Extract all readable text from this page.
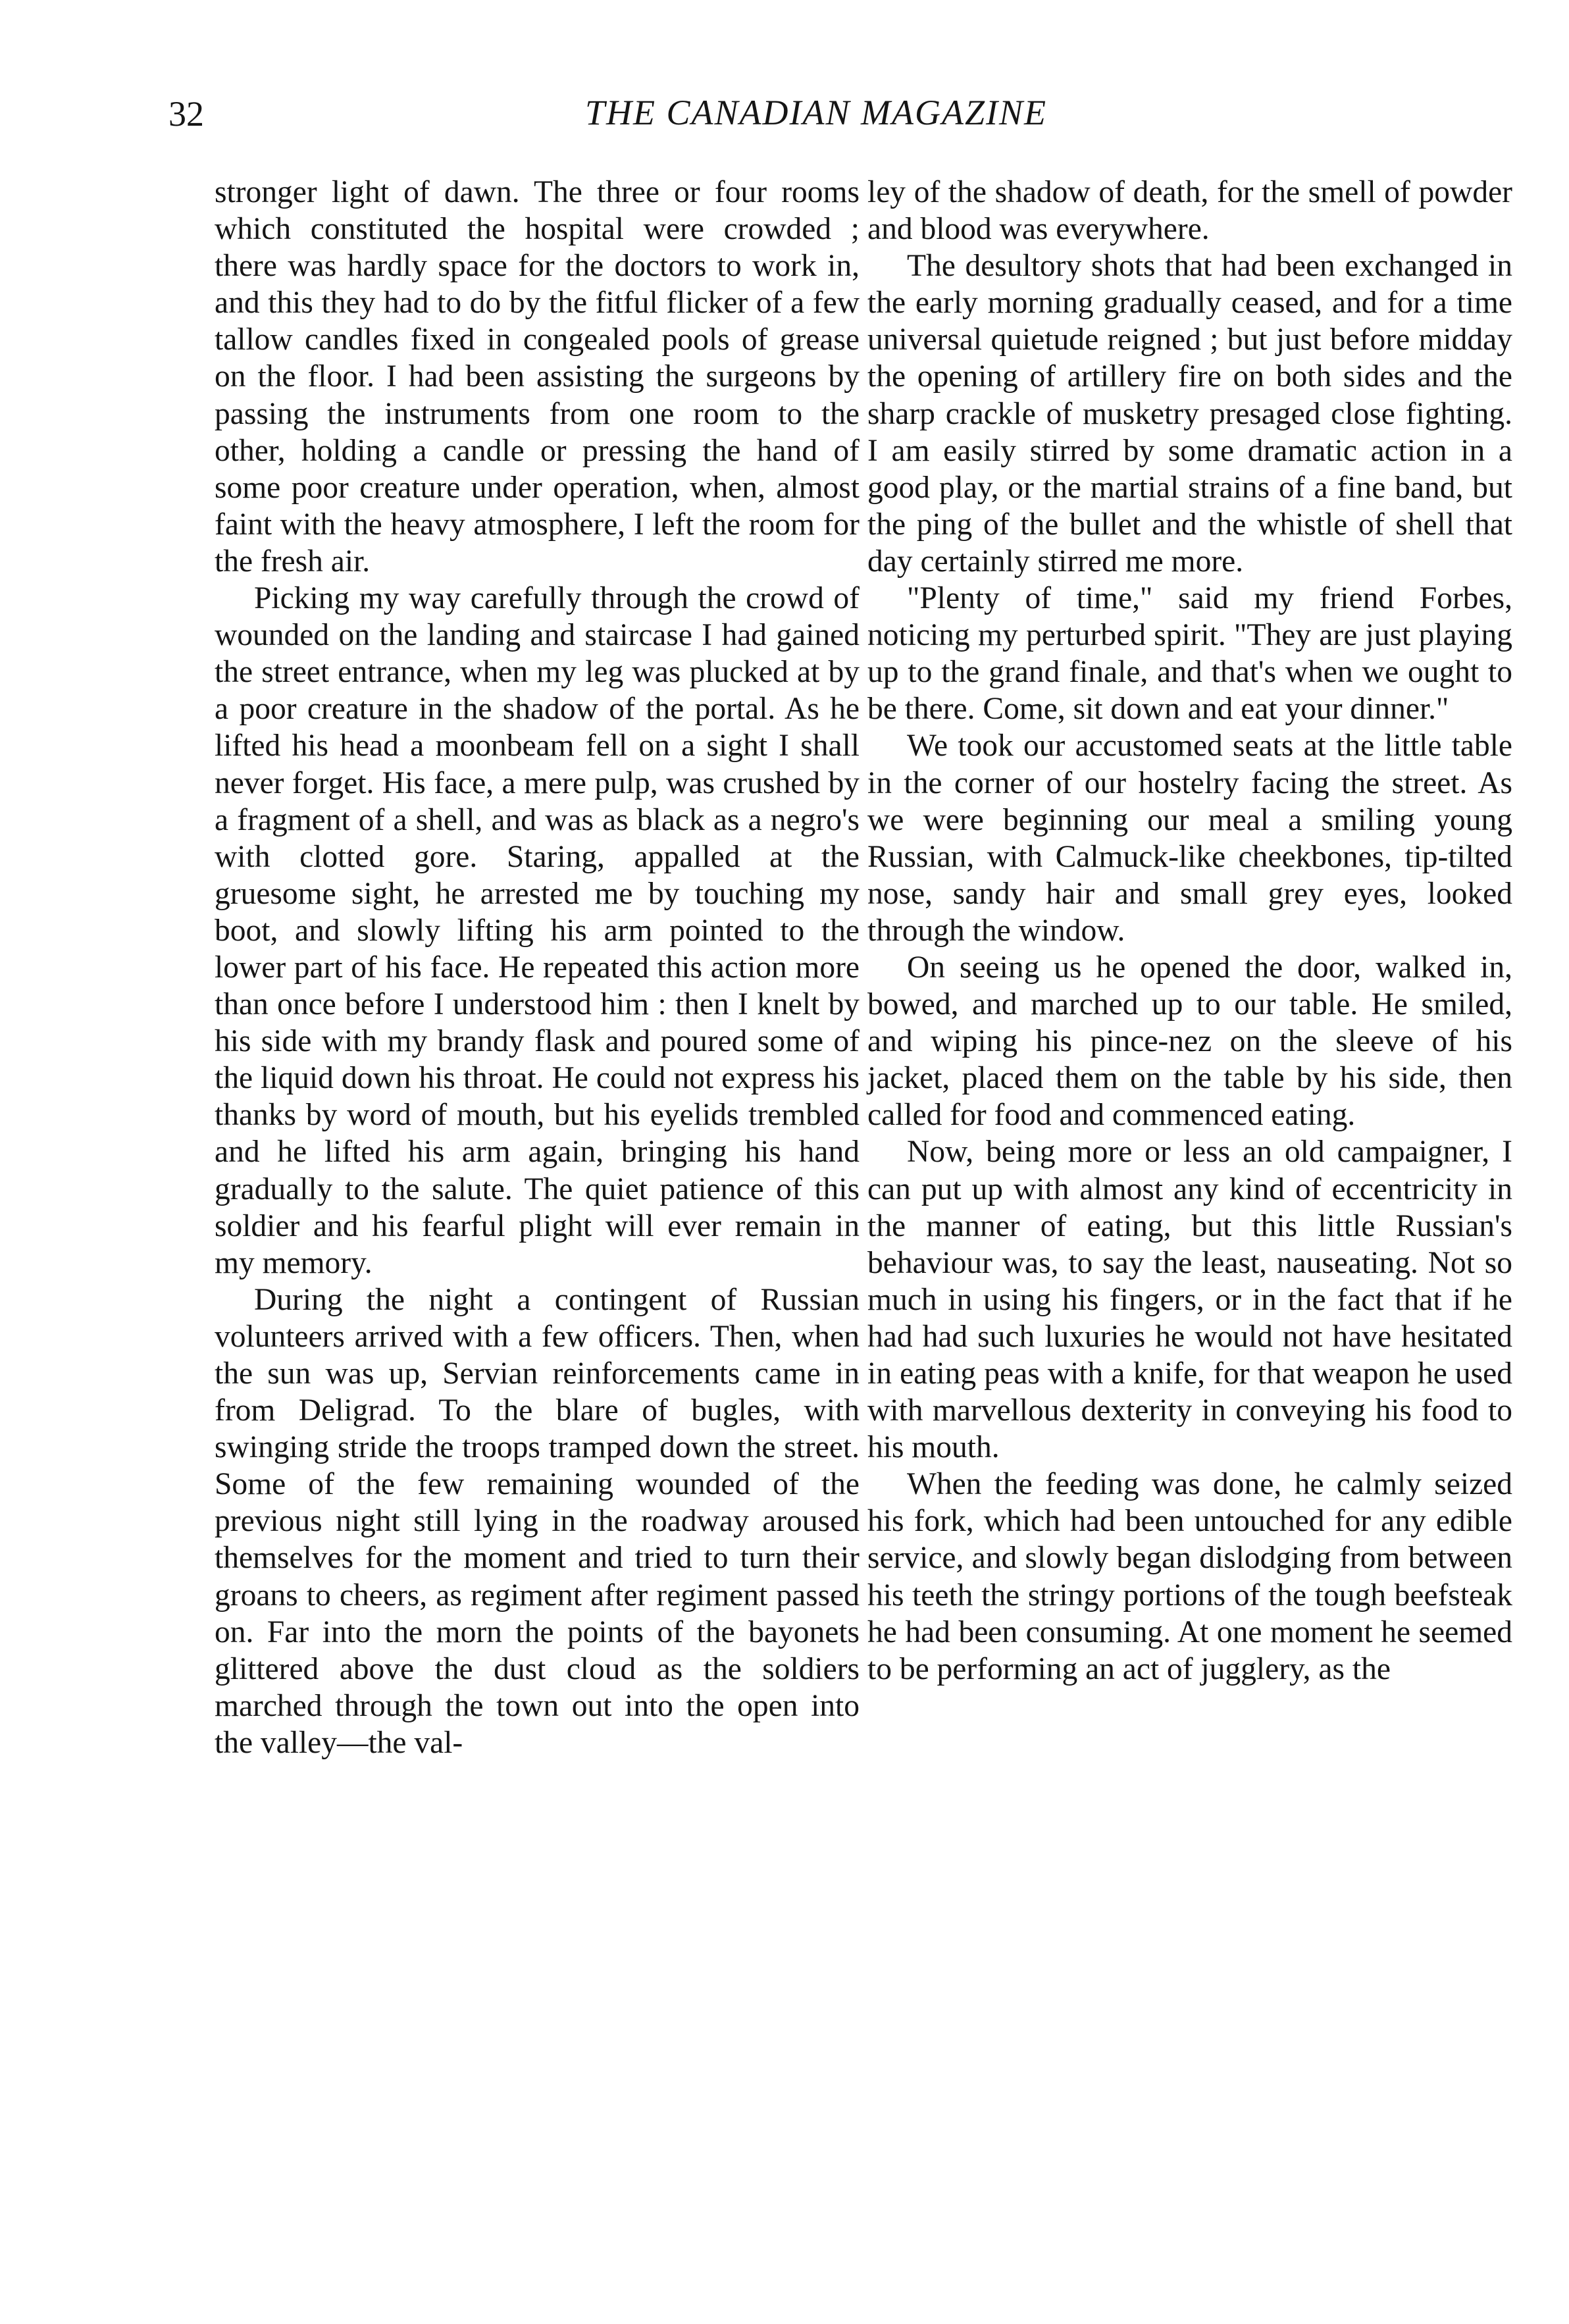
32	THE CANADIAN MAGAZINE

stronger light of dawn. The three or four rooms which constituted the hospital were crowded ; there was hardly space for the doctors to work in, and this they had to do by the fitful flicker of a few tallow candles fixed in congealed pools of grease on the floor. I had been assisting the surgeons by passing the instruments from one room to the other, holding a candle or pressing the hand of some poor creature under operation, when, almost faint with the heavy atmosphere, I left the room for the fresh air.

Picking my way carefully through the crowd of wounded on the landing and staircase I had gained the street entrance, when my leg was plucked at by a poor creature in the shadow of the portal. As he lifted his head a moonbeam fell on a sight I shall never forget. His face, a mere pulp, was crushed by a fragment of a shell, and was as black as a negro's with clotted gore. Staring, appalled at the gruesome sight, he arrested me by touching my boot, and slowly lifting his arm pointed to the lower part of his face. He repeated this action more than once before I understood him : then I knelt by his side with my brandy flask and poured some of the liquid down his throat. He could not express his thanks by word of mouth, but his eyelids trembled and he lifted his arm again, bringing his hand gradually to the salute. The quiet patience of this soldier and his fearful plight will ever remain in my memory.

During the night a contingent of Russian volunteers arrived with a few officers. Then, when the sun was up, Servian reinforcements came in from Deligrad. To the blare of bugles, with swinging stride the troops tramped down the street. Some of the few remaining wounded of the previous night still lying in the roadway aroused themselves for the moment and tried to turn their groans to cheers, as regiment after regiment passed on. Far into the morn the points of the bayonets glittered above the dust cloud as the soldiers marched through the town out into the open into the valley—the val-

ley of the shadow of death, for the smell of powder and blood was everywhere.

The desultory shots that had been exchanged in the early morning gradually ceased, and for a time universal quietude reigned ; but just before midday the opening of artillery fire on both sides and the sharp crackle of musketry presaged close fighting. I am easily stirred by some dramatic action in a good play, or the martial strains of a fine band, but the ping of the bullet and the whistle of shell that day certainly stirred me more.

"Plenty of time," said my friend Forbes, noticing my perturbed spirit. "They are just playing up to the grand finale, and that's when we ought to be there. Come, sit down and eat your dinner."

We took our accustomed seats at the little table in the corner of our hostelry facing the street. As we were beginning our meal a smiling young Russian, with Calmuck-like cheekbones, tip-tilted nose, sandy hair and small grey eyes, looked through the window.

On seeing us he opened the door, walked in, bowed, and marched up to our table. He smiled, and wiping his pince-nez on the sleeve of his jacket, placed them on the table by his side, then called for food and commenced eating.

Now, being more or less an old campaigner, I can put up with almost any kind of eccentricity in the manner of eating, but this little Russian's behaviour was, to say the least, nauseating. Not so much in using his fingers, or in the fact that if he had had such luxuries he would not have hesitated in eating peas with a knife, for that weapon he used with marvellous dexterity in conveying his food to his mouth.

When the feeding was done, he calmly seized his fork, which had been untouched for any edible service, and slowly began dislodging from between his teeth the stringy portions of the tough beefsteak he had been consuming. At one moment he seemed to be performing an act of jugglery, as the
